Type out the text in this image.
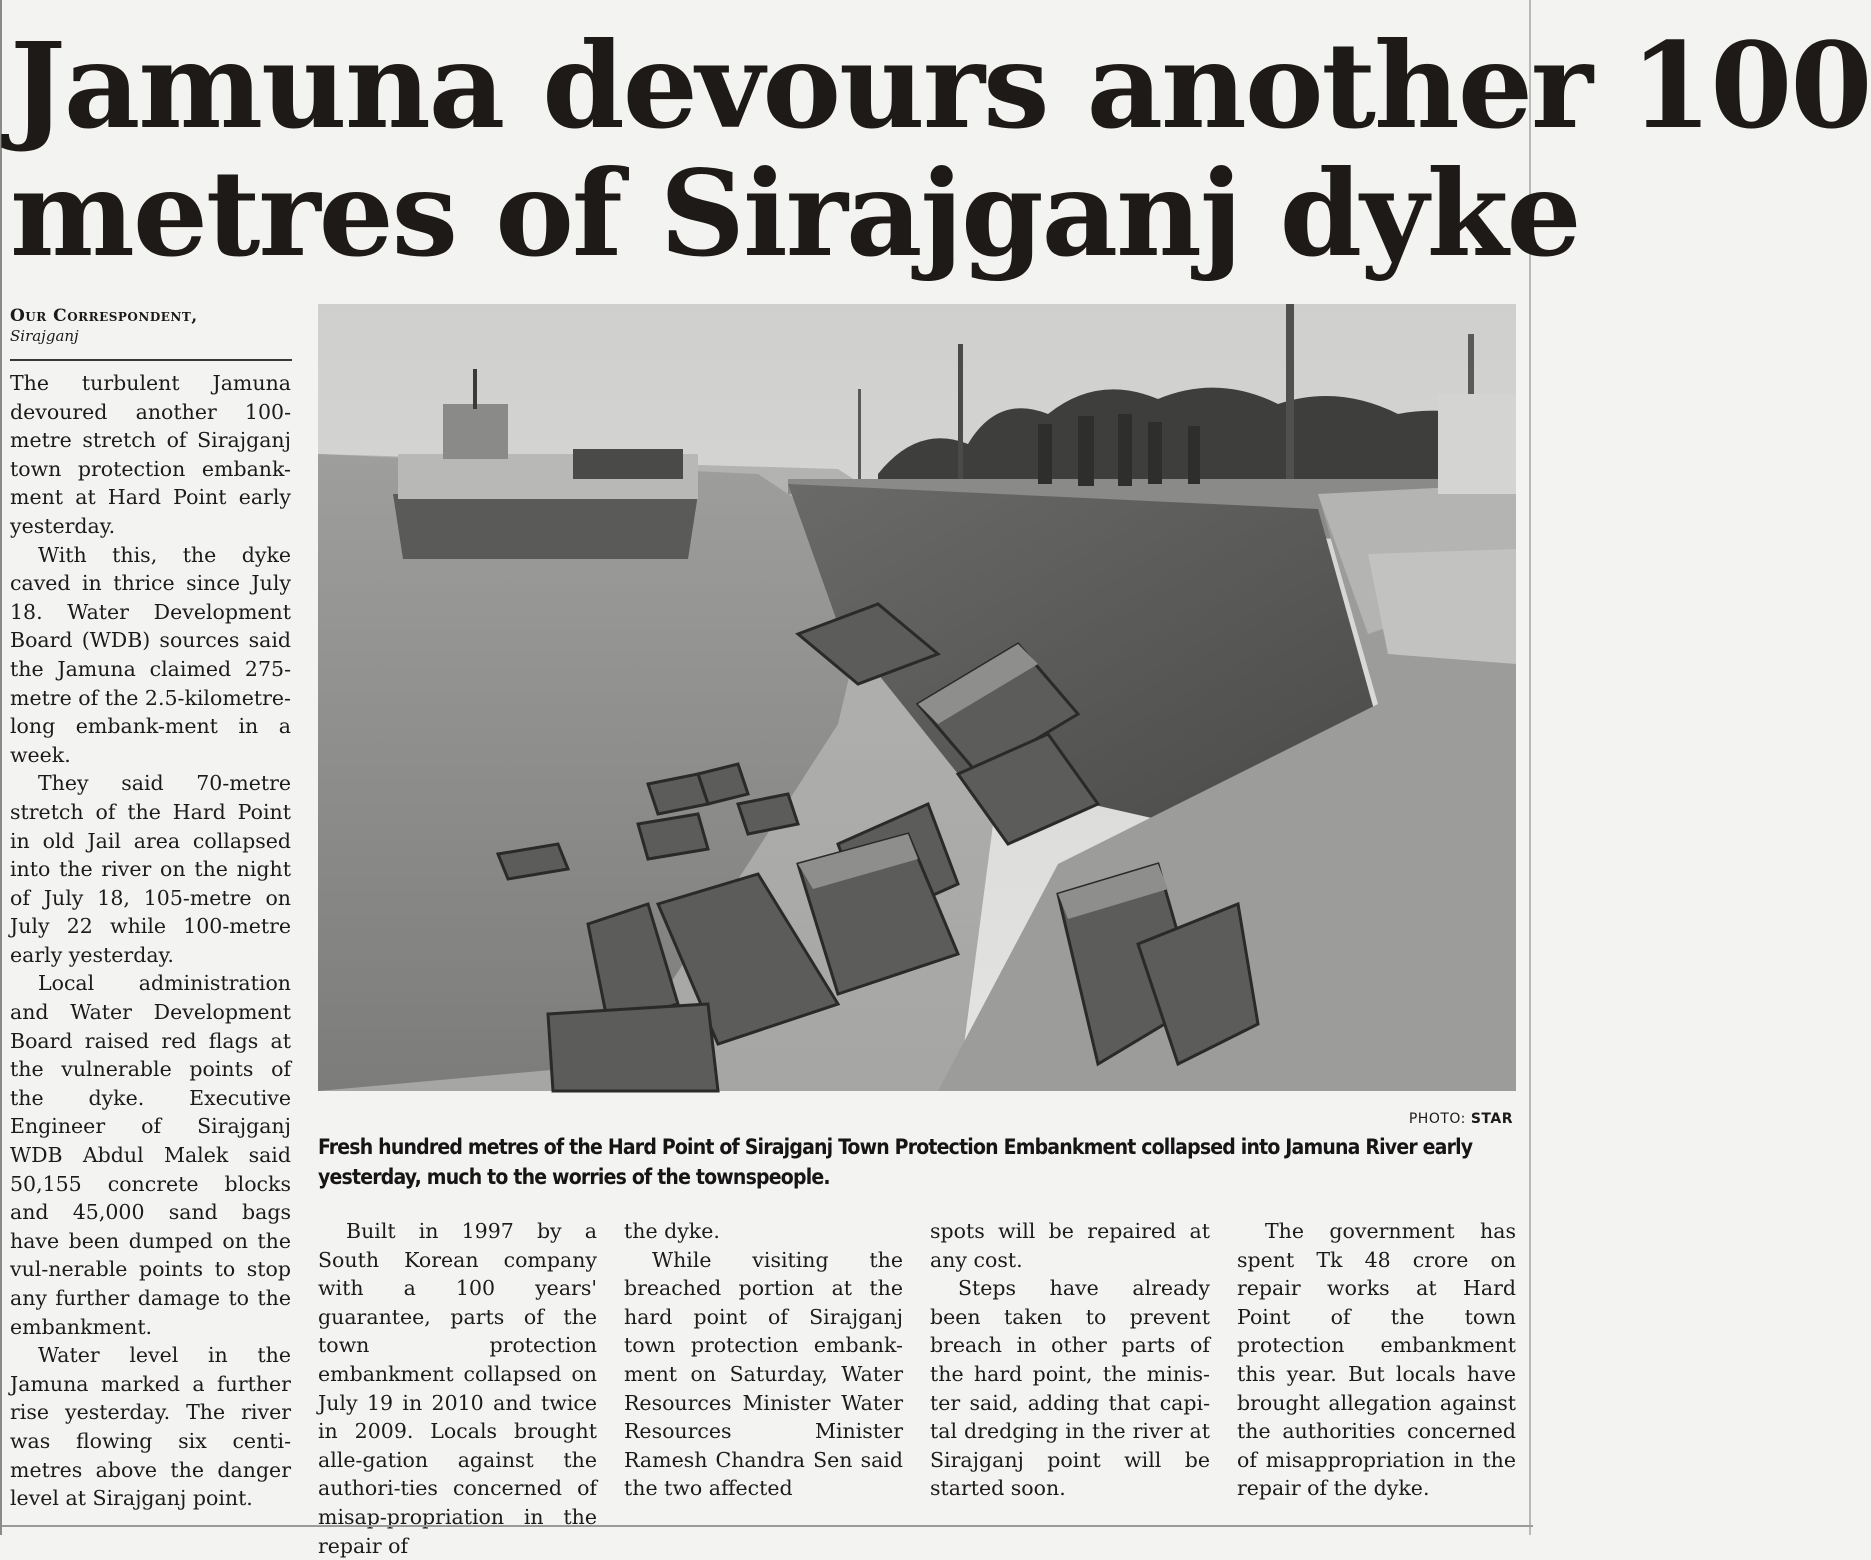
Jamuna devours another 100
metres of Sirajganj dyke
Our Correspondent,
Sirajganj

The turbulent Jamuna devoured another 100-metre stretch of Sirajganj town protection embank-ment at Hard Point early yesterday.

With this, the dyke caved in thrice since July 18. Water Development Board (WDB) sources said the Jamuna claimed 275-metre of the 2.5-kilometre-long embank-ment in a week.

They said 70-metre stretch of the Hard Point in old Jail area collapsed into the river on the night of July 18, 105-metre on July 22 while 100-metre early yesterday.

Local administration and Water Development Board raised red flags at the vulnerable points of the dyke. Executive Engineer of Sirajganj WDB Abdul Malek said 50,155 concrete blocks and 45,000 sand bags have been dumped on the vul-nerable points to stop any further damage to the embankment.

Water level in the Jamuna marked a further rise yesterday. The river was flowing six centi-metres above the danger level at Sirajganj point.

PHOTO: STAR
Fresh hundred metres of the Hard Point of Sirajganj Town Protection Embankment collapsed into Jamuna River early yesterday, much to the worries of the townspeople.

Built in 1997 by a South Korean company with a 100 years' guarantee, parts of the town protection embankment collapsed on July 19 in 2010 and twice in 2009. Locals brought alle-gation against the authori-ties concerned of misap-propriation in the repair of

the dyke.

While visiting the breached portion at the hard point of Sirajganj town protection embank-ment on Saturday, Water Resources Minister Water Resources Minister Ramesh Chandra Sen said the two affected

spots will be repaired at any cost.

Steps have already been taken to prevent breach in other parts of the hard point, the minis-ter said, adding that capi-tal dredging in the river at Sirajganj point will be started soon.

The government has spent Tk 48 crore on repair works at Hard Point of the town protection embankment this year. But locals have brought allegation against the authorities concerned of misappropriation in the repair of the dyke.
